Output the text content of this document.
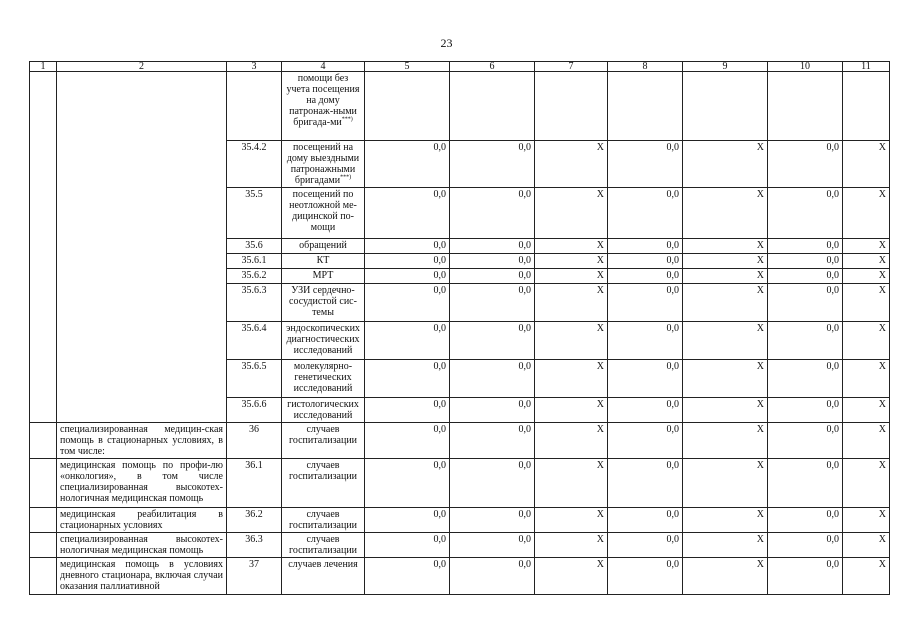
23
1	2	3	4	5	6	7	8	9	10	11
			помощи без учета посещения на дому патронаж-ными бригада-ми***)							
		35.4.2	посещений на дому выездными патронажными бригадами***)	0,0	0,0	X	0,0	X	0,0	X
		35.5	посещений по неотложной ме-дицинской по-мощи	0,0	0,0	X	0,0	X	0,0	X
		35.6	обращений	0,0	0,0	X	0,0	X	0,0	X
		35.6.1	КТ	0,0	0,0	X	0,0	X	0,0	X
		35.6.2	МРТ	0,0	0,0	X	0,0	X	0,0	X
		35.6.3	УЗИ сердечно-сосудистой сис-темы	0,0	0,0	X	0,0	X	0,0	X
		35.6.4	эндоскопических диагностических исследований	0,0	0,0	X	0,0	X	0,0	X
		35.6.5	молекулярно-генетических исследований	0,0	0,0	X	0,0	X	0,0	X
		35.6.6	гистологических исследований	0,0	0,0	X	0,0	X	0,0	X
	специализированная медицин-ская помощь в стационарных условиях, в том числе:	36	случаев госпитализации	0,0	0,0	X	0,0	X	0,0	X
	медицинская помощь по профи-лю «онкология», в том числе специализированная высокотех-нологичная медицинская помощь	36.1	случаев госпитализации	0,0	0,0	X	0,0	X	0,0	X
	медицинская реабилитация в стационарных условиях	36.2	случаев госпитализации	0,0	0,0	X	0,0	X	0,0	X
	специализированная высокотех-нологичная медицинская помощь	36.3	случаев госпитализации	0,0	0,0	X	0,0	X	0,0	X
	медицинская помощь в условиях дневного стационара, включая случаи оказания паллиативной	37	случаев лечения	0,0	0,0	X	0,0	X	0,0	X
